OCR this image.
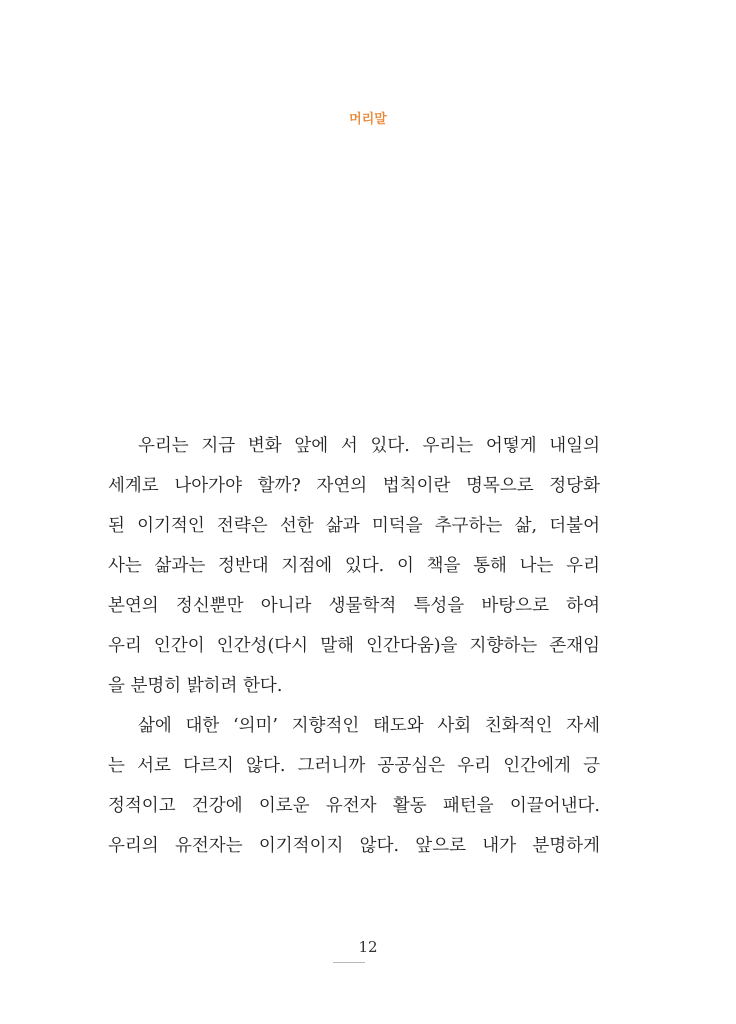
머리말
우리는 지금 변화 앞에 서 있다. 우리는 어떻게 내일의
세계로 나아가야 할까? 자연의 법칙이란 명목으로 정당화
된 이기적인 전략은 선한 삶과 미덕을 추구하는 삶, 더불어
사는 삶과는 정반대 지점에 있다. 이 책을 통해 나는 우리
본연의 정신뿐만 아니라 생물학적 특성을 바탕으로 하여
우리 인간이 인간성(다시 말해 인간다움)을 지향하는 존재임
을 분명히 밝히려 한다.
삶에 대한 ‘의미’ 지향적인 태도와 사회 친화적인 자세
는 서로 다르지 않다. 그러니까 공공심은 우리 인간에게 긍
정적이고 건강에 이로운 유전자 활동 패턴을 이끌어낸다.
우리의 유전자는 이기적이지 않다. 앞으로 내가 분명하게
12
